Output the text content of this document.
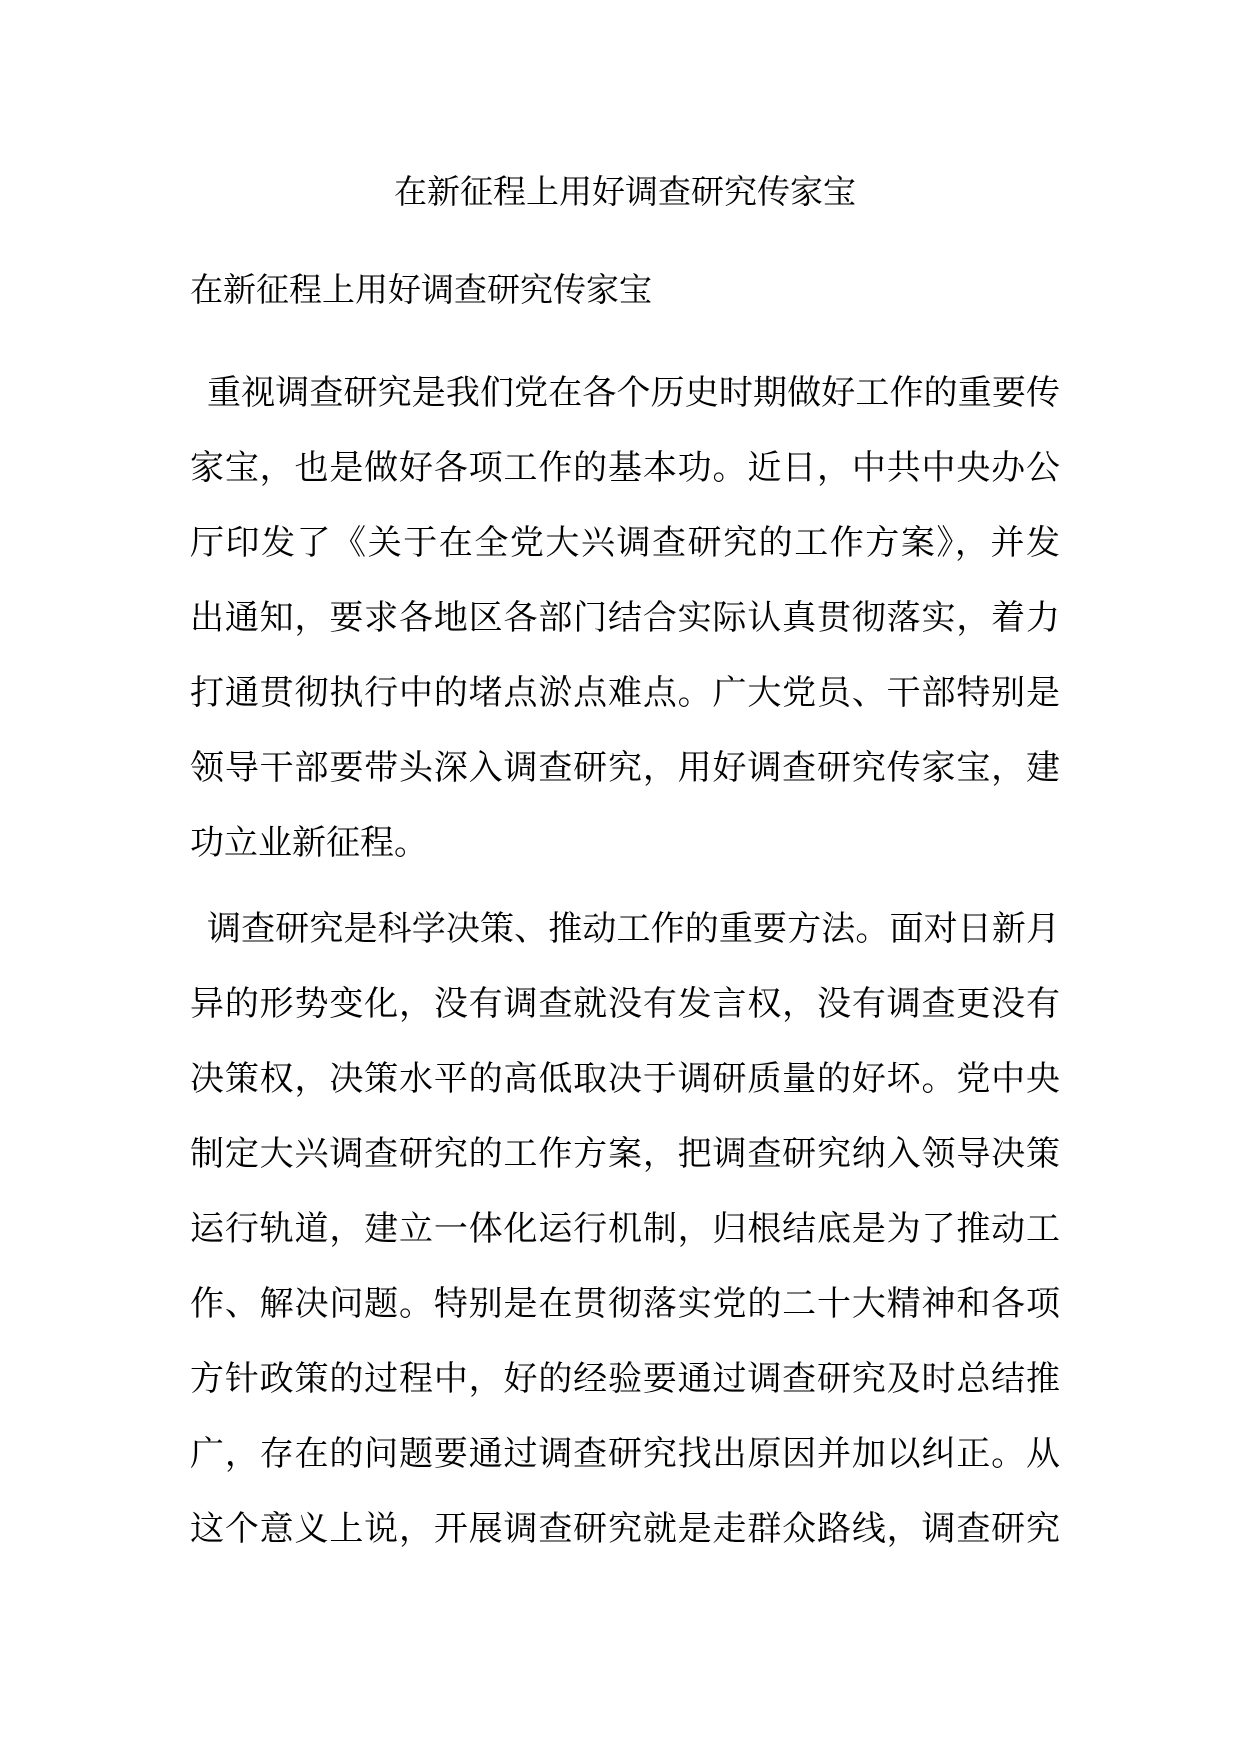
在新征程上用好调查研究传家宝
在新征程上用好调查研究传家宝
重视调查研究是我们党在各个历史时期做好工作的重要传
家宝，也是做好各项工作的基本功。近日，中共中央办公
厅印发了《关于在全党大兴调查研究的工作方案》，并发
出通知，要求各地区各部门结合实际认真贯彻落实，着力
打通贯彻执行中的堵点淤点难点。广大党员、干部特别是
领导干部要带头深入调查研究，用好调查研究传家宝，建
功立业新征程。
调查研究是科学决策、推动工作的重要方法。面对日新月
异的形势变化，没有调查就没有发言权，没有调查更没有
决策权，决策水平的高低取决于调研质量的好坏。党中央
制定大兴调查研究的工作方案，把调查研究纳入领导决策
运行轨道，建立一体化运行机制，归根结底是为了推动工
作、解决问题。特别是在贯彻落实党的二十大精神和各项
方针政策的过程中，好的经验要通过调查研究及时总结推
广，存在的问题要通过调查研究找出原因并加以纠正。从
这个意义上说，开展调查研究就是走群众路线，调查研究
